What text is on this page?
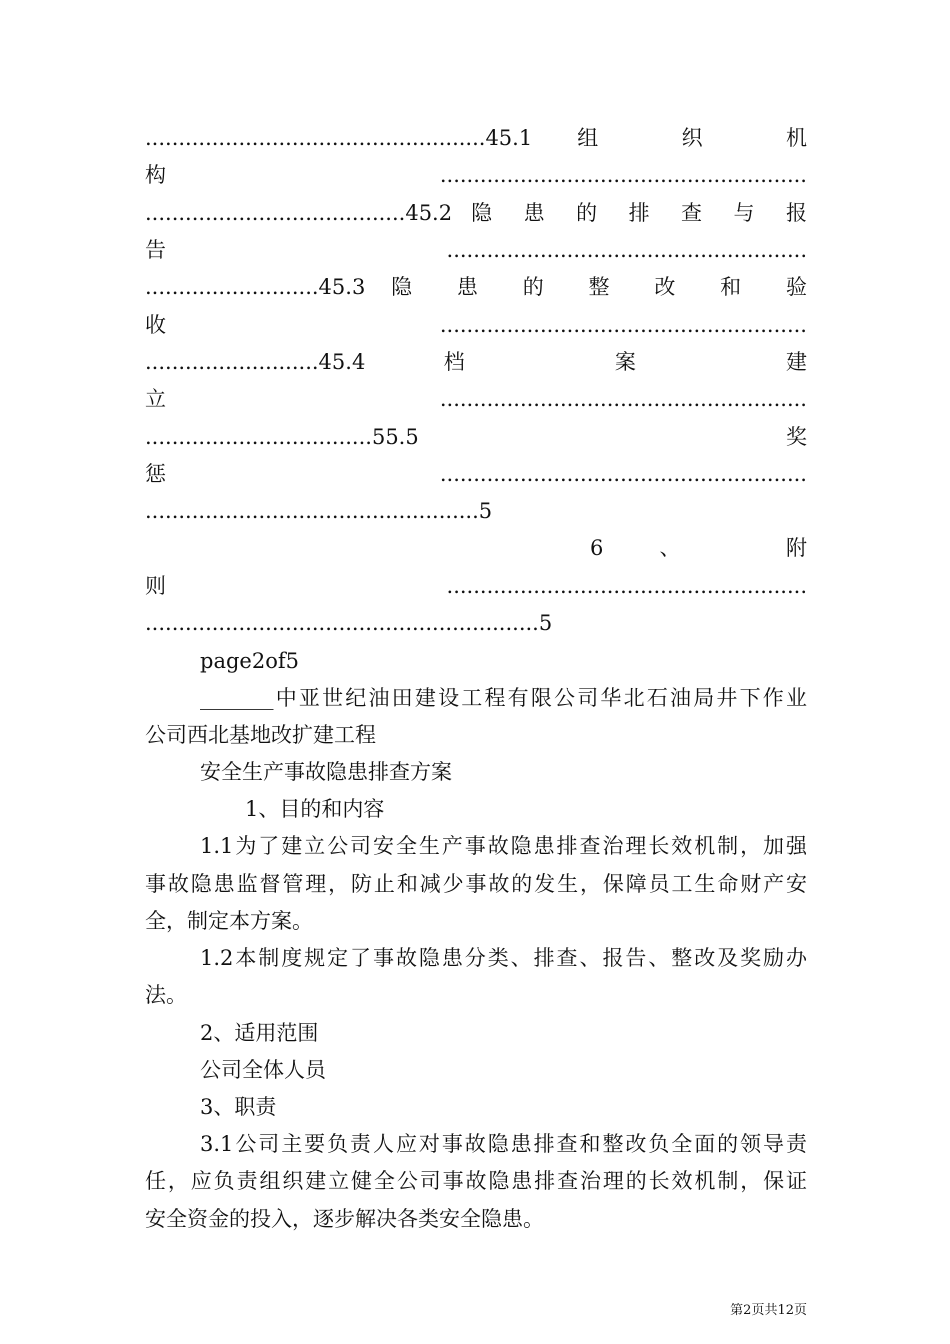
...................................................45.1 组 织 机
构.......................................................
.......................................45.2 隐 患 的 排 查 与 报
告......................................................
..........................45.3 隐 患 的 整 改 和 验
收.......................................................
..........................45.4 档 案 建
立.......................................................
..................................55.5 奖
惩.......................................................
..................................................5
6 、 附
则......................................................
...........................................................5
page2of5
_______中亚世纪油田建设工程有限公司华北石油局井下作业
公司西北基地改扩建工程
安全生产事故隐患排查方案
1、目的和内容
1.1为了建立公司安全生产事故隐患排查治理长效机制，加强
事故隐患监督管理，防止和减少事故的发生，保障员工生命财产安
全，制定本方案。
1.2本制度规定了事故隐患分类、排查、报告、整改及奖励办
法。
2、适用范围
公司全体人员
3、职责
3.1公司主要负责人应对事故隐患排查和整改负全面的领导责
任，应负责组织建立健全公司事故隐患排查治理的长效机制，保证
安全资金的投入，逐步解决各类安全隐患。
第2页共12页
